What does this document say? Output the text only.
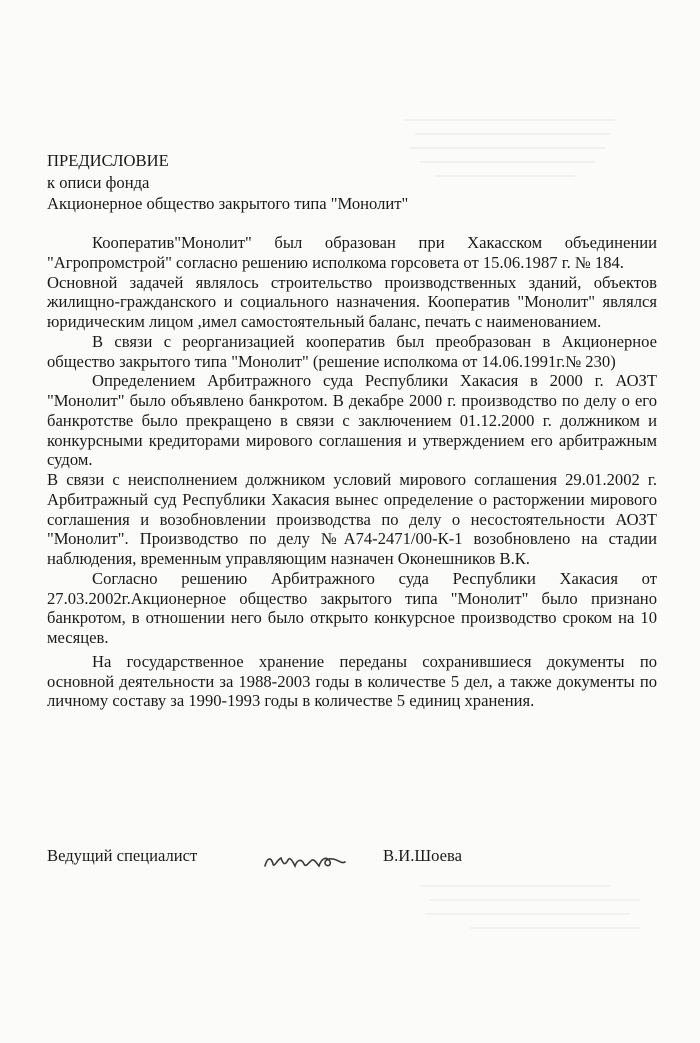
ПРЕДИСЛОВИЕ
к описи фонда
Акционерное общество закрытого типа "Монолит"

Кооператив"Монолит" был образован при Хакасском объединении "Агропромстрой" согласно решению исполкома горсовета от 15.06.1987 г. № 184.

Основной задачей являлось строительство производственных зданий, объектов жилищно-гражданского и социального назначения. Кооператив "Монолит" являлся юридическим лицом ,имел самостоятельный баланс, печать с наименованием.

В связи с реорганизацией кооператив был преобразован в Акционерное общество закрытого типа "Монолит" (решение исполкома от 14.06.1991г.№ 230)

Определением Арбитражного суда Республики Хакасия в 2000 г. АОЗТ "Монолит" было объявлено банкротом. В декабре 2000 г. производство по делу о его банкротстве было прекращено в связи с заключением 01.12.2000 г. должником и конкурсными кредиторами мирового соглашения и утверждением его арбитражным судом.

В связи с неисполнением должником условий мирового соглашения 29.01.2002 г. Арбитражный суд Республики Хакасия вынес определение о расторжении мирового соглашения и возобновлении производства по делу о несостоятельности АОЗТ "Монолит". Производство по делу №А74-2471/00-К-1 возобновлено на стадии наблюдения, временным управляющим назначен Оконешников В.К.

Согласно решению Арбитражного суда Республики Хакасия от 27.03.2002г.Акционерное общество закрытого типа "Монолит" было признано банкротом, в отношении него было открыто конкурсное производство сроком на 10 месяцев.

На государственное хранение переданы сохранившиеся документы по основной деятельности за 1988-2003 годы в количестве 5 дел, а также документы по личному составу за 1990-1993 годы в количестве 5 единиц хранения.

Ведущий специалист	В.И.Шоева
